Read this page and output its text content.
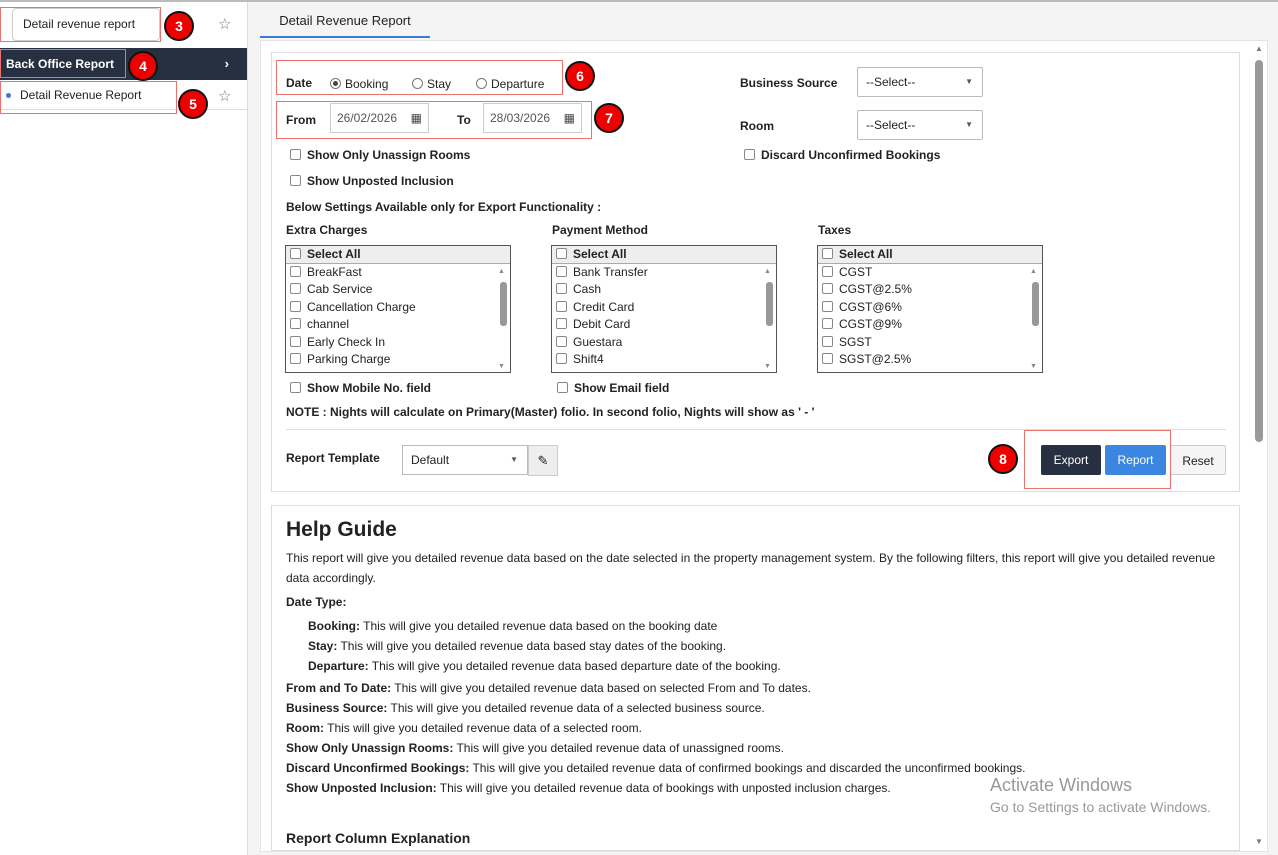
Detail revenue report	☆
Back Office Report	›
Detail Revenue Report	☆
3
4
5
Detail Revenue Report
Date	Booking	Stay	Departure	6
From	26/02/2026 ▦	To	28/03/2026 ▦	7
Business Source	--Select--	▼
Room	--Select--	▼
Show Only Unassign Rooms
Show Unposted Inclusion
Discard Unconfirmed Bookings
Below Settings Available only for Export Functionality :
Extra Charges
Select All
BreakFast
Cab Service
Cancellation Charge
channel
Early Check In
Parking Charge
▲
▼
Payment Method
Select All
Bank Transfer
Cash
Credit Card
Debit Card
Guestara
Shift4
▲
▼
Taxes
Select All
CGST
CGST@2.5%
CGST@6%
CGST@9%
SGST
SGST@2.5%
▲
▼
Show Mobile No. field	Show Email field
NOTE : Nights will calculate on Primary(Master) folio. In second folio, Nights will show as ' - '
Report Template	Default	▼	✎	8	Export	Report	Reset
Help Guide

This report will give you detailed revenue data based on the date selected in the property management system. By the following filters, this report will give you detailed revenue data accordingly.

Date Type:

Booking: This will give you detailed revenue data based on the booking date

Stay: This will give you detailed revenue data based stay dates of the booking.

Departure: This will give you detailed revenue data based departure date of the booking.

From and To Date: This will give you detailed revenue data based on selected From and To dates.

Business Source: This will give you detailed revenue data of a selected business source.

Room: This will give you detailed revenue data of a selected room.

Show Only Unassign Rooms: This will give you detailed revenue data of unassigned rooms.

Discard Unconfirmed Bookings: This will give you detailed revenue data of confirmed bookings and discarded the unconfirmed bookings.

Show Unposted Inclusion: This will give you detailed revenue data of bookings with unposted inclusion charges.

Report Column Explanation

Activate Windows
Go to Settings to activate Windows.
▲
▼
